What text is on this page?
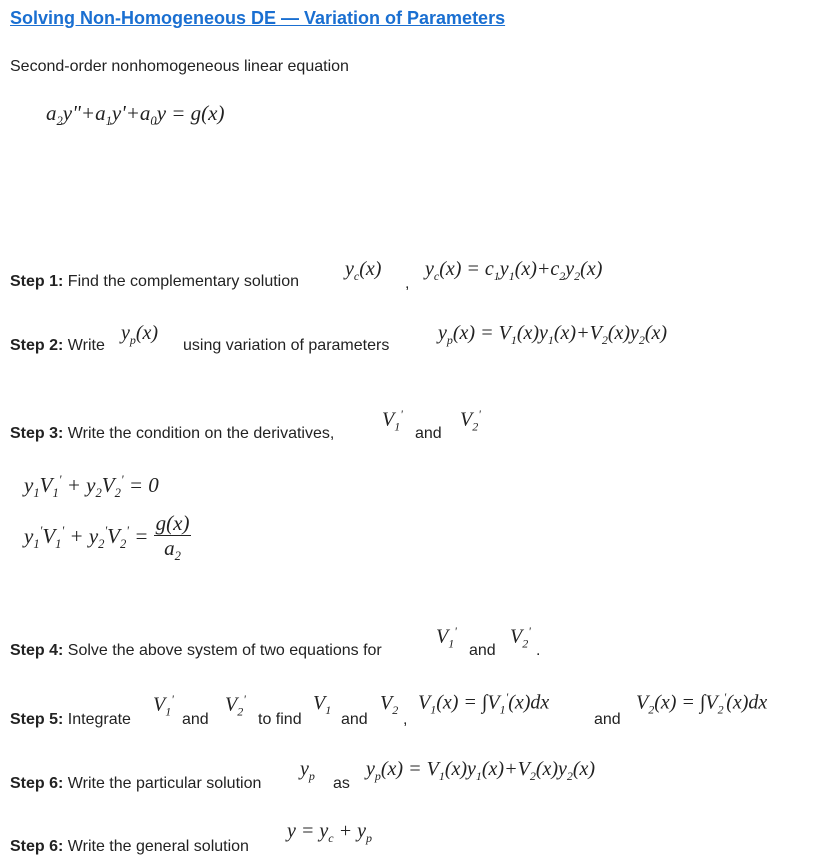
Solving Non-Homogeneous DE — Variation of Parameters
Second-order nonhomogeneous linear equation
$a_2y"+a_1y'+a_0y = g(x)$
Step 1: Find the complementary solution
$y_c(x)$
,
$y_c(x) = c_1y_1(x)+c_2y_2(x)$
Step 2: Write
$y_p(x)$
using variation of parameters
$y_p(x) = V_1(x)y_1(x)+V_2(x)y_2(x)$
Step 3: Write the condition on the derivatives,
$V_1'$
and
$V_2'$
$y_1V_1' + y_2V_2' = 0$
$y_1'V_1' + y_2'V_2' = \frac{g(x)}{a_2}$
Step 4: Solve the above system of two equations for
$V_1'$
and
$V_2'$
.
Step 5: Integrate
$V_1'$
and
$V_2'$
to find
$V_1$
and
$V_2$
,
$V_1(x) = \int V_1'(x)dx$
and
$V_2(x) = \int V_2'(x)dx$
Step 6: Write the particular solution
$y_p$ as
$y_p(x) = V_1(x)y_1(x)+V_2(x)y_2(x)$
Step 6: Write the general solution
$y = y_c + y_p$
